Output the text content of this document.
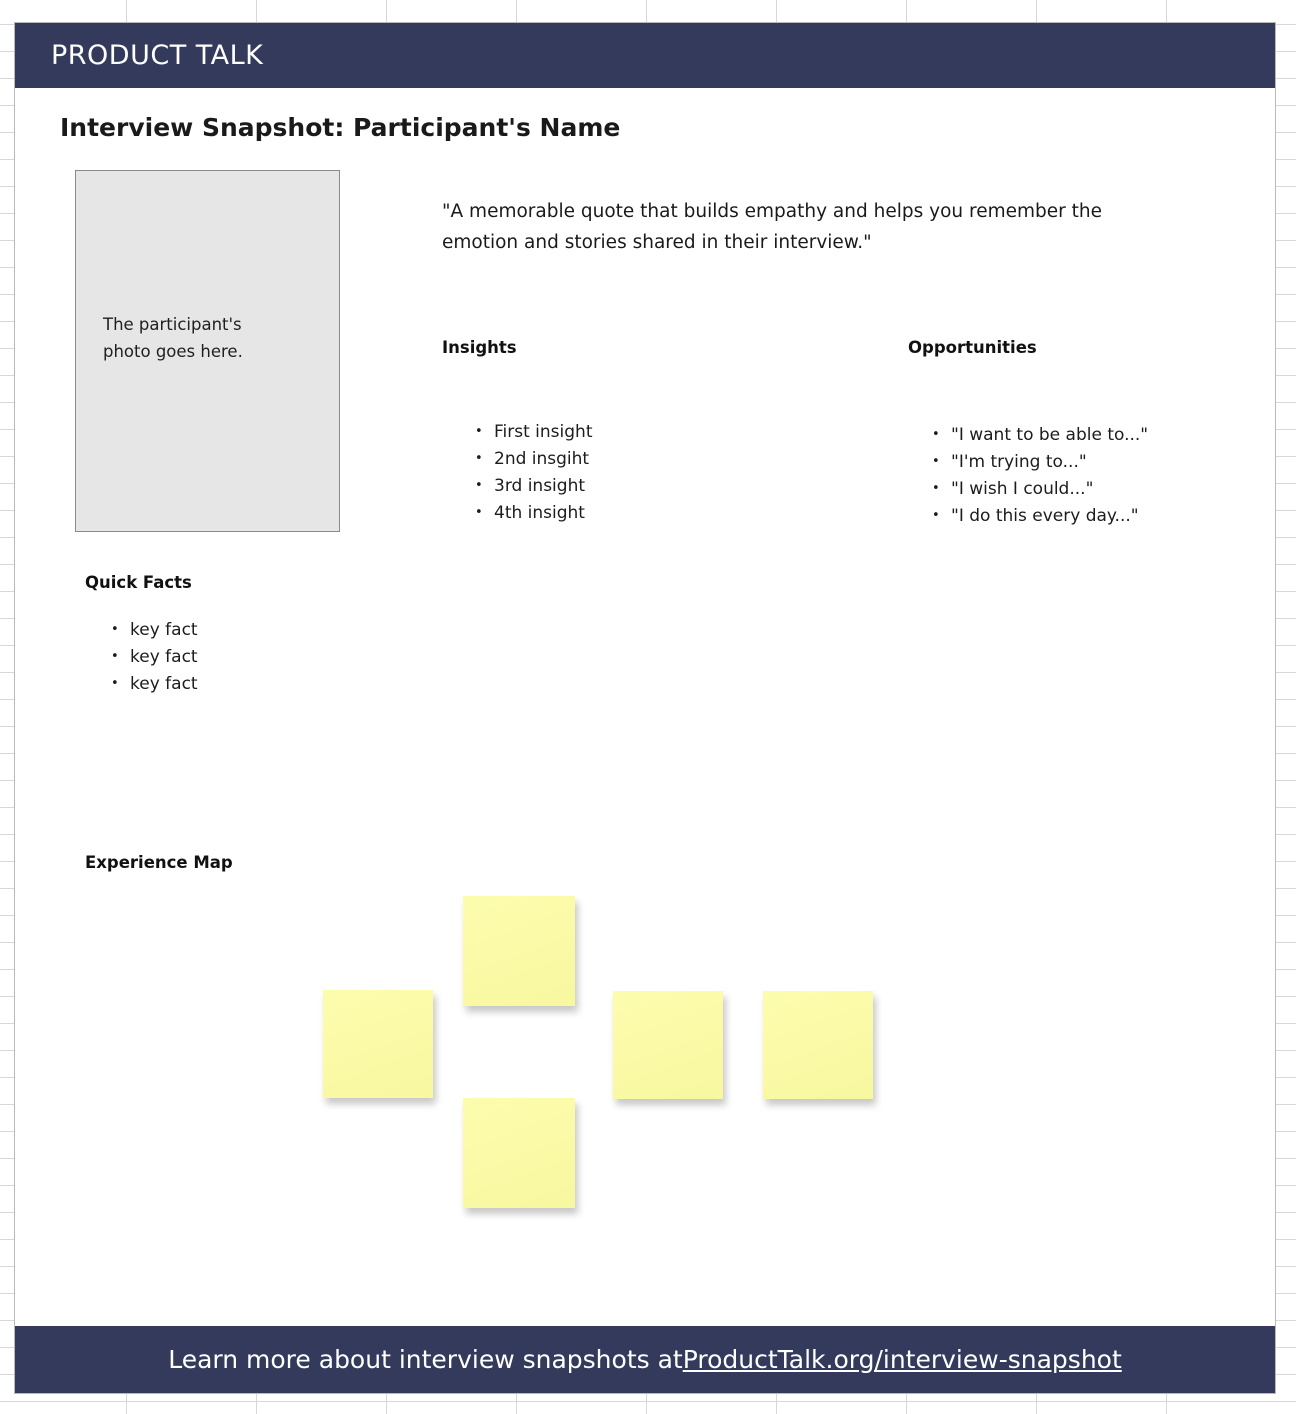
PRODUCT TALK
Interview Snapshot: Participant's Name
The participant's
photo goes here.
"A memorable quote that builds empathy and helps you remember the emotion and stories shared in their interview."
Insights
• First insight
• 2nd insgiht
• 3rd insight
• 4th insight
Opportunities
• "I want to be able to..."
• "I'm trying to..."
• "I wish I could..."
• "I do this every day..."
Quick Facts
• key fact
• key fact
• key fact
Experience Map
Learn more about interview snapshots at ProductTalk.org/interview-snapshot
